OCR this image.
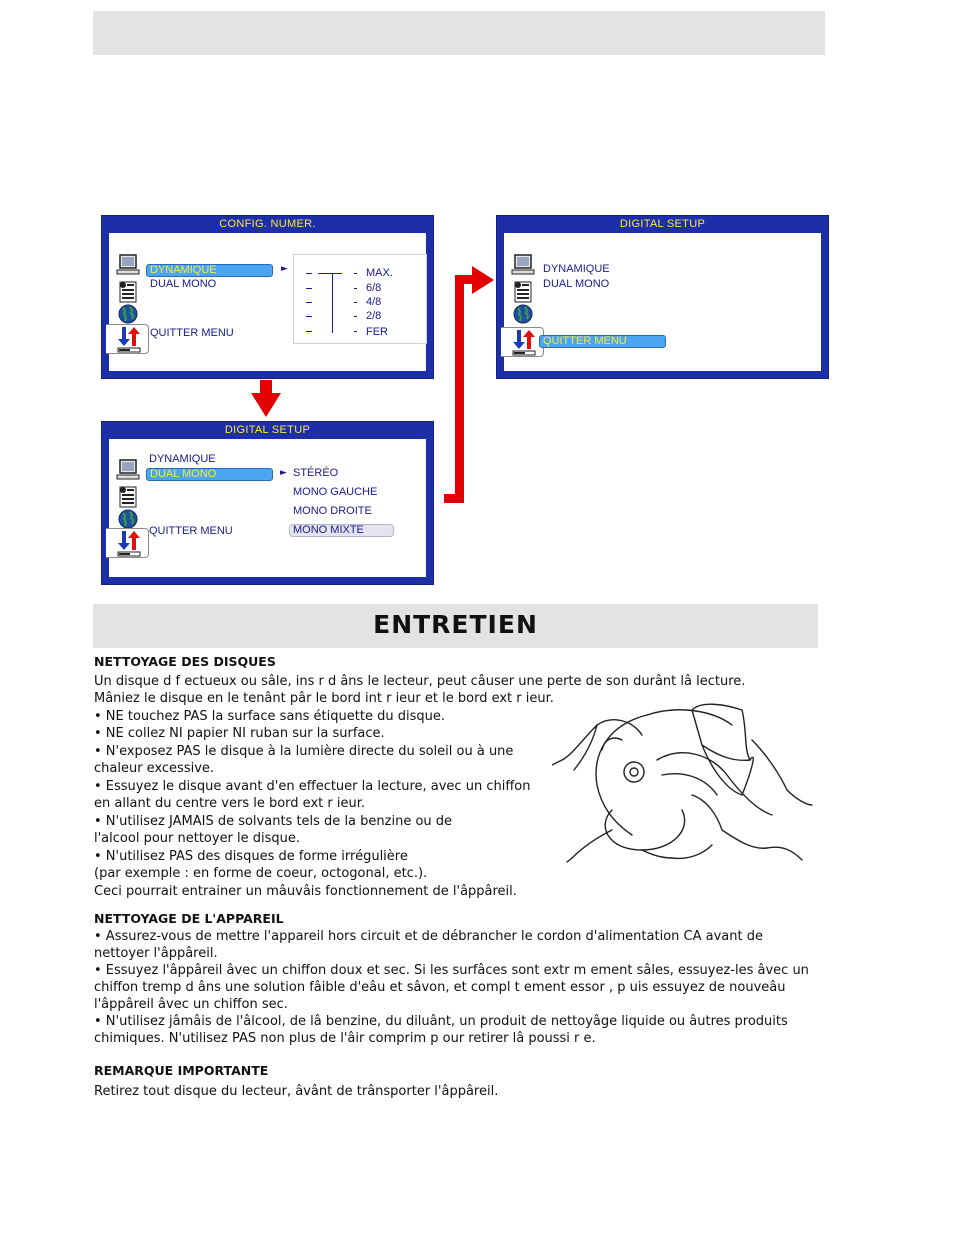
CONFIG. NUMER.
DYNAMIQUE
DUAL MONO
QUITTER MENU
►	MAX.
6/8
4/8
2/8
FER
DIGITAL SETUP
DYNAMIQUE
DUAL MONO
QUITTER MENU
► STÉRÉO
MONO GAUCHE
MONO DROITE
MONO MIXTE
DIGITAL SETUP
DYNAMIQUE
DUAL MONO
QUITTER MENU
ENTRETIEN
NETTOYAGE DES DISQUES
Un disque d f ectueux ou sâle, ins r d âns le lecteur, peut câuser une perte de son durânt lâ lecture.
Mâniez le disque en le tenânt pâr le bord int r ieur et le bord ext r ieur.
• NE touchez PAS la surface sans étiquette du disque.
• NE collez NI papier NI ruban sur la surface.
• N'exposez PAS le disque à la lumière directe du soleil ou à une
chaleur excessive.
• Essuyez le disque avant d'en effectuer la lecture, avec un chiffon
en allant du centre vers le bord ext r ieur.
• N'utilisez JAMAIS de solvants tels de la benzine ou de
l'alcool pour nettoyer le disque.
• N'utilisez PAS des disques de forme irrégulière
(par exemple : en forme de coeur, octogonal, etc.).
Ceci pourrait entrainer un mâuvâis fonctionnement de l'âppâreil.
NETTOYAGE DE L'APPAREIL
• Assurez-vous de mettre l'appareil hors circuit et de débrancher le cordon d'alimentation CA avant de
nettoyer l'âppâreil.
• Essuyez l'âppâreil âvec un chiffon doux et sec. Si les surfâces sont extr m ement sâles, essuyez-les âvec un
chiffon tremp d âns une solution fâible d'eâu et sâvon, et compl t ement essor , p uis essuyez de nouveâu
l'âppâreil âvec un chiffon sec.
• N'utilisez jâmâis de l'âlcool, de lâ benzine, du diluânt, un produit de nettoyâge liquide ou âutres produits
chimiques. N'utilisez PAS non plus de l'âir comprim p our retirer lâ poussi r e.
REMARQUE IMPORTANTE
Retirez tout disque du lecteur, âvânt de trânsporter l'âppâreil.
